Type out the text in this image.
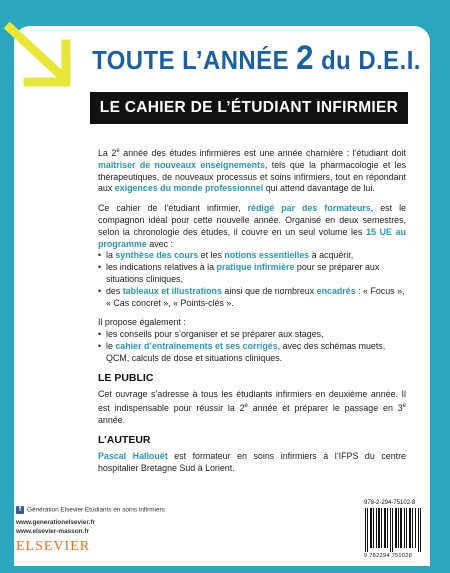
TOUTE L’ANNÉE 2 du D.E.I.
LE CAHIER DE L’ÉTUDIANT INFIRMIER

La 2e année des études infirmières est une année charnière : l’étudiant doit maîtriser de nouveaux enseignements, tels que la pharmacologie et les thérapeutiques, de nouveaux processus et soins infirmiers, tout en répondant aux exigences du monde professionnel qui attend davantage de lui.

Ce cahier de l’étudiant infirmier, rédigé par des formateurs, est le compagnon idéal pour cette nouvelle année. Organisé en deux semestres, selon la chronologie des études, il couvre en un seul volume les 15 UE au programme avec :

• la synthèse des cours et les notions essentielles à acquérir,
• les indications relatives à la pratique infirmière pour se préparer aux situations cliniques,
• des tableaux et illustrations ainsi que de nombreux encadrés : « Focus », « Cas concret », « Points-clés ».

Il propose également :

• les conseils pour s’organiser et se préparer aux stages,
• le cahier d’entraînements et ses corrigés, avec des schémas muets, QCM, calculs de dose et situations cliniques.
LE PUBLIC

Cet ouvrage s’adresse à tous les étudiants infirmiers en deuxième année. Il est indispensable pour réussir la 2e année et préparer le passage en 3e année.

L’AUTEUR

Pascal Hallouët est formateur en soins infirmiers à l’IFPS du centre hospitalier Bretagne Sud à Lorient.

f Génération Elsevier Etudiants en soins infirmiers
www.generationelsevier.fr
www.elsevier-masson.fr
ELSEVIER
978-2-294-75102-8
9 782294 751028
